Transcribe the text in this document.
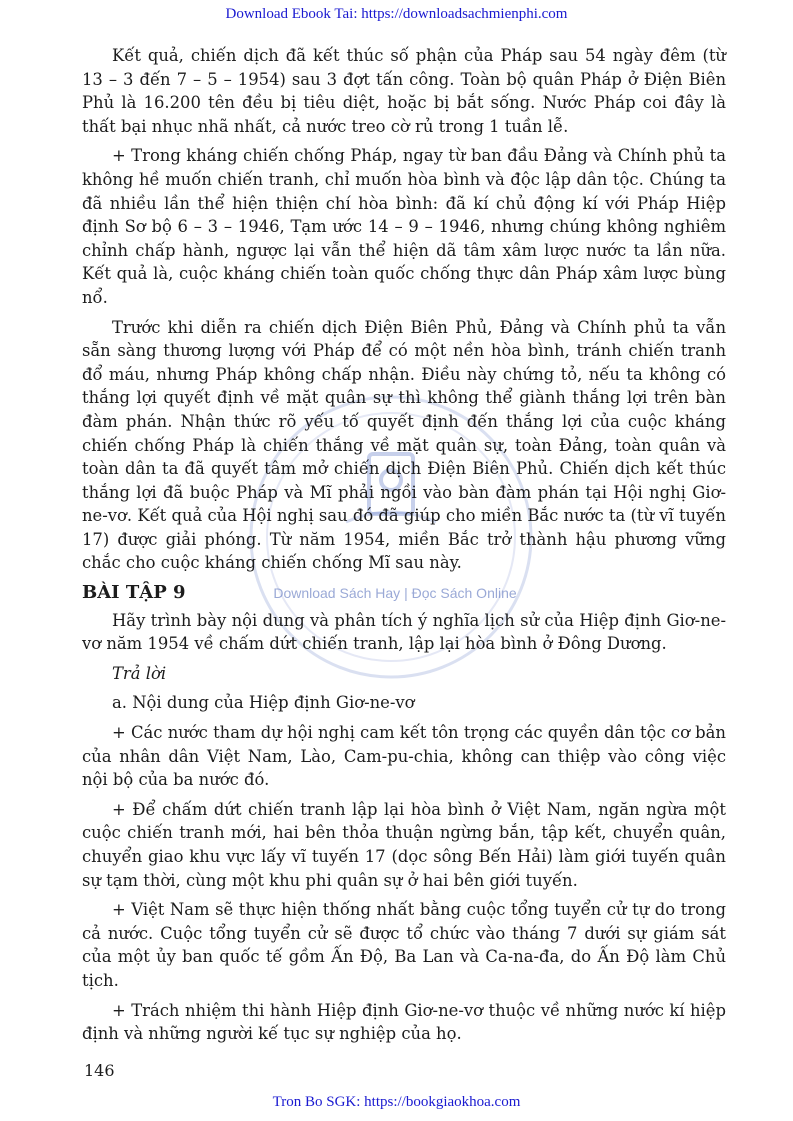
Download Ebook Tai: https://downloadsachmienphi.com
Download Sách Hay | Đọc Sách Online

Kết quả, chiến dịch đã kết thúc số phận của Pháp sau 54 ngày đêm (từ 13 – 3 đến 7 – 5 – 1954) sau 3 đợt tấn công. Toàn bộ quân Pháp ở Điện Biên Phủ là 16.200 tên đều bị tiêu diệt, hoặc bị bắt sống. Nước Pháp coi đây là thất bại nhục nhã nhất, cả nước treo cờ rủ trong 1 tuần lễ.

+ Trong kháng chiến chống Pháp, ngay từ ban đầu Đảng và Chính phủ ta không hề muốn chiến tranh, chỉ muốn hòa bình và độc lập dân tộc. Chúng ta đã nhiều lần thể hiện thiện chí hòa bình: đã kí chủ động kí với Pháp Hiệp định Sơ bộ 6 – 3 – 1946, Tạm ước 14 – 9 – 1946, nhưng chúng không nghiêm chỉnh chấp hành, ngược lại vẫn thể hiện dã tâm xâm lược nước ta lần nữa. Kết quả là, cuộc kháng chiến toàn quốc chống thực dân Pháp xâm lược bùng nổ.

Trước khi diễn ra chiến dịch Điện Biên Phủ, Đảng và Chính phủ ta vẫn sẵn sàng thương lượng với Pháp để có một nền hòa bình, tránh chiến tranh đổ máu, nhưng Pháp không chấp nhận. Điều này chứng tỏ, nếu ta không có thắng lợi quyết định về mặt quân sự thì không thể giành thắng lợi trên bàn đàm phán. Nhận thức rõ yếu tố quyết định đến thắng lợi của cuộc kháng chiến chống Pháp là chiến thắng về mặt quân sự, toàn Đảng, toàn quân và toàn dân ta đã quyết tâm mở chiến dịch Điện Biên Phủ. Chiến dịch kết thúc thắng lợi đã buộc Pháp và Mĩ phải ngồi vào bàn đàm phán tại Hội nghị Giơ-ne-vơ. Kết quả của Hội nghị sau đó đã giúp cho miền Bắc nước ta (từ vĩ tuyến 17) được giải phóng. Từ năm 1954, miền Bắc trở thành hậu phương vững chắc cho cuộc kháng chiến chống Mĩ sau này.

BÀI TẬP 9

Hãy trình bày nội dung và phân tích ý nghĩa lịch sử của Hiệp định Giơ-ne-vơ năm 1954 về chấm dứt chiến tranh, lập lại hòa bình ở Đông Dương.

Trả lời

a. Nội dung của Hiệp định Giơ-ne-vơ

+ Các nước tham dự hội nghị cam kết tôn trọng các quyền dân tộc cơ bản của nhân dân Việt Nam, Lào, Cam-pu-chia, không can thiệp vào công việc nội bộ của ba nước đó.

+ Để chấm dứt chiến tranh lập lại hòa bình ở Việt Nam, ngăn ngừa một cuộc chiến tranh mới, hai bên thỏa thuận ngừng bắn, tập kết, chuyển quân, chuyển giao khu vực lấy vĩ tuyến 17 (dọc sông Bến Hải) làm giới tuyến quân sự tạm thời, cùng một khu phi quân sự ở hai bên giới tuyến.

+ Việt Nam sẽ thực hiện thống nhất bằng cuộc tổng tuyển cử tự do trong cả nước. Cuộc tổng tuyển cử sẽ được tổ chức vào tháng 7 dưới sự giám sát của một ủy ban quốc tế gồm Ấn Độ, Ba Lan và Ca-na-đa, do Ấn Độ làm Chủ tịch.

+ Trách nhiệm thi hành Hiệp định Giơ-ne-vơ thuộc về những nước kí hiệp định và những người kế tục sự nghiệp của họ.

146
Tron Bo SGK: https://bookgiaokhoa.com
